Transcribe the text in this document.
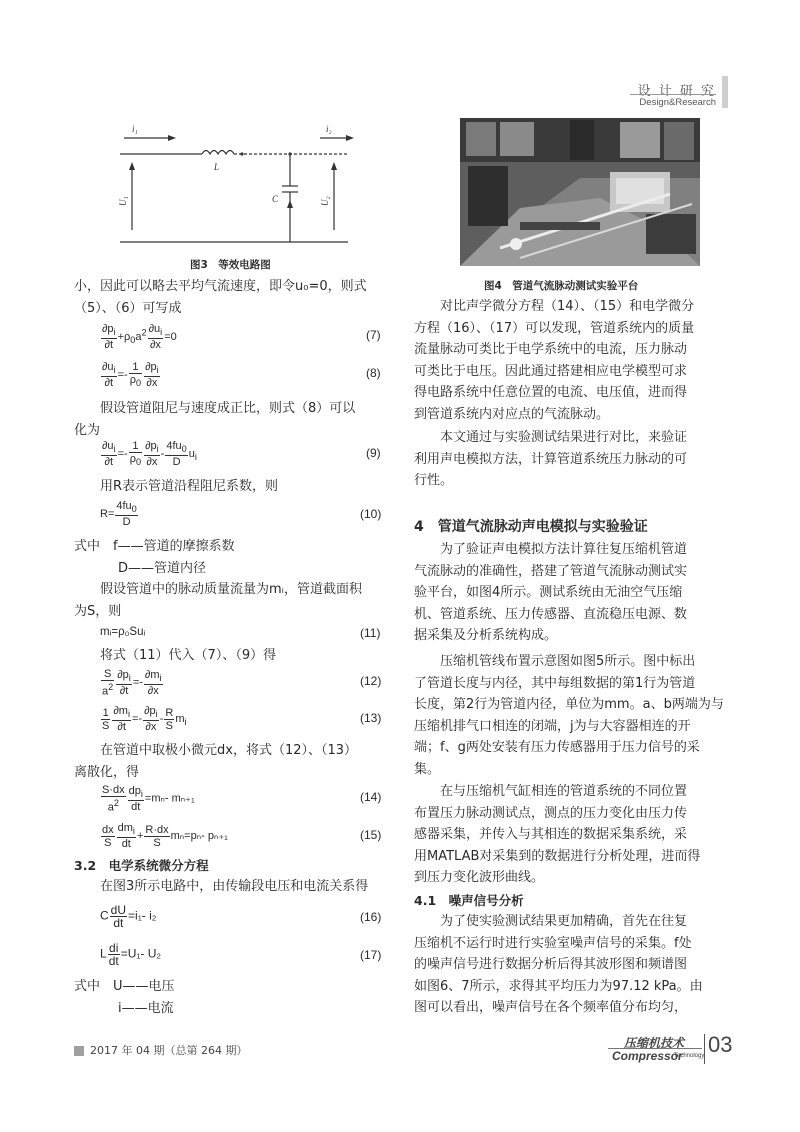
设 计 研 究
Design&Research
i₁	i₂
L
C
U₁	U₂
图3　等效电路图
图4　管道气流脉动测试实验平台
小，因此可以略去平均气流速度，即令u₀=0，则式
（5）、（6）可写成
$\frac{\partial p_i}{\partial t} +\rho_0a^2 \frac{\partial u_i}{\partial x} =0$	(7)
$\frac{\partial u_i}{\partial t} =- \frac{1}{\rho_0} \frac{\partial p_i}{\partial x}$	(8)
假设管道阻尼与速度成正比，则式（8）可以
化为
$\frac{\partial u_i}{\partial t} =- \frac{1}{\rho_0} \frac{\partial p_i}{\partial x} - \frac{4fu_0}{D} u_i$	(9)
用R表示管道沿程阻尼系数，则
$R= \frac{4fu_0}{D}$	(10)
式中　f——管道的摩擦系数
D——管道内径
假设管道中的脉动质量流量为mᵢ，管道截面积
为S，则
mᵢ=ρ₀Suᵢ	(11)
将式（11）代入（7）、（9）得
$\frac{S}{a^2} \frac{\partial p_i}{\partial t} =- \frac{\partial m_i}{\partial x}$	(12)
$\frac{1}{S} \frac{\partial m_i}{\partial t} =- \frac{\partial p_i}{\partial x} - \frac{R}{S} m_i$	(13)
在管道中取极小微元dx，将式（12）、（13）
离散化，得
$\frac{S\cdot dx}{a^2} \frac{dp_i}{dt} =m_n-$ mₙ₊₁	(14)
$\frac{dx}{S} \frac{dm_i}{dt} + \frac{R\cdot dx}{S} m_n=p_n-$ pₙ₊₁	(15)
3.2　电学系统微分方程
在图3所示电路中，由传输段电压和电流关系得
C $\frac{dU}{dt} =i_1-$ i₂	(16)
L $\frac{di}{dt} =U_1-$ U₂	(17)
式中　U——电压
i——电流
对比声学微分方程（14）、（15）和电学微分
方程（16）、（17）可以发现，管道系统内的质量
流量脉动可类比于电学系统中的电流，压力脉动
可类比于电压。因此通过搭建相应电学模型可求
得电路系统中任意位置的电流、电压值，进而得
到管道系统内对应点的气流脉动。
本文通过与实验测试结果进行对比，来验证
利用声电模拟方法，计算管道系统压力脉动的可
行性。
4　管道气流脉动声电模拟与实验验证
为了验证声电模拟方法计算往复压缩机管道
气流脉动的准确性，搭建了管道气流脉动测试实
验平台，如图4所示。测试系统由无油空气压缩
机、管道系统、压力传感器、直流稳压电源、数
据采集及分析系统构成。
压缩机管线布置示意图如图5所示。图中标出
了管道长度与内径，其中每组数据的第1行为管道
长度，第2行为管道内径，单位为mm。a、b两端为与
压缩机排气口相连的闭端，j为与大容器相连的开
端；f、g两处安装有压力传感器用于压力信号的采
集。
在与压缩机气缸相连的管道系统的不同位置
布置压力脉动测试点，测点的压力变化由压力传
感器采集，并传入与其相连的数据采集系统，采
用MATLAB对采集到的数据进行分析处理，进而得
到压力变化波形曲线。
4.1　噪声信号分析
为了使实验测试结果更加精确，首先在往复
压缩机不运行时进行实验室噪声信号的采集。f处
的噪声信号进行数据分析后得其波形图和频谱图
如图6、7所示，求得其平均压力为97.12 kPa。由
图可以看出，噪声信号在各个频率值分布均匀，
2017 年 04 期（总第 264 期）
压缩机技术
Compressor
Technology 03
